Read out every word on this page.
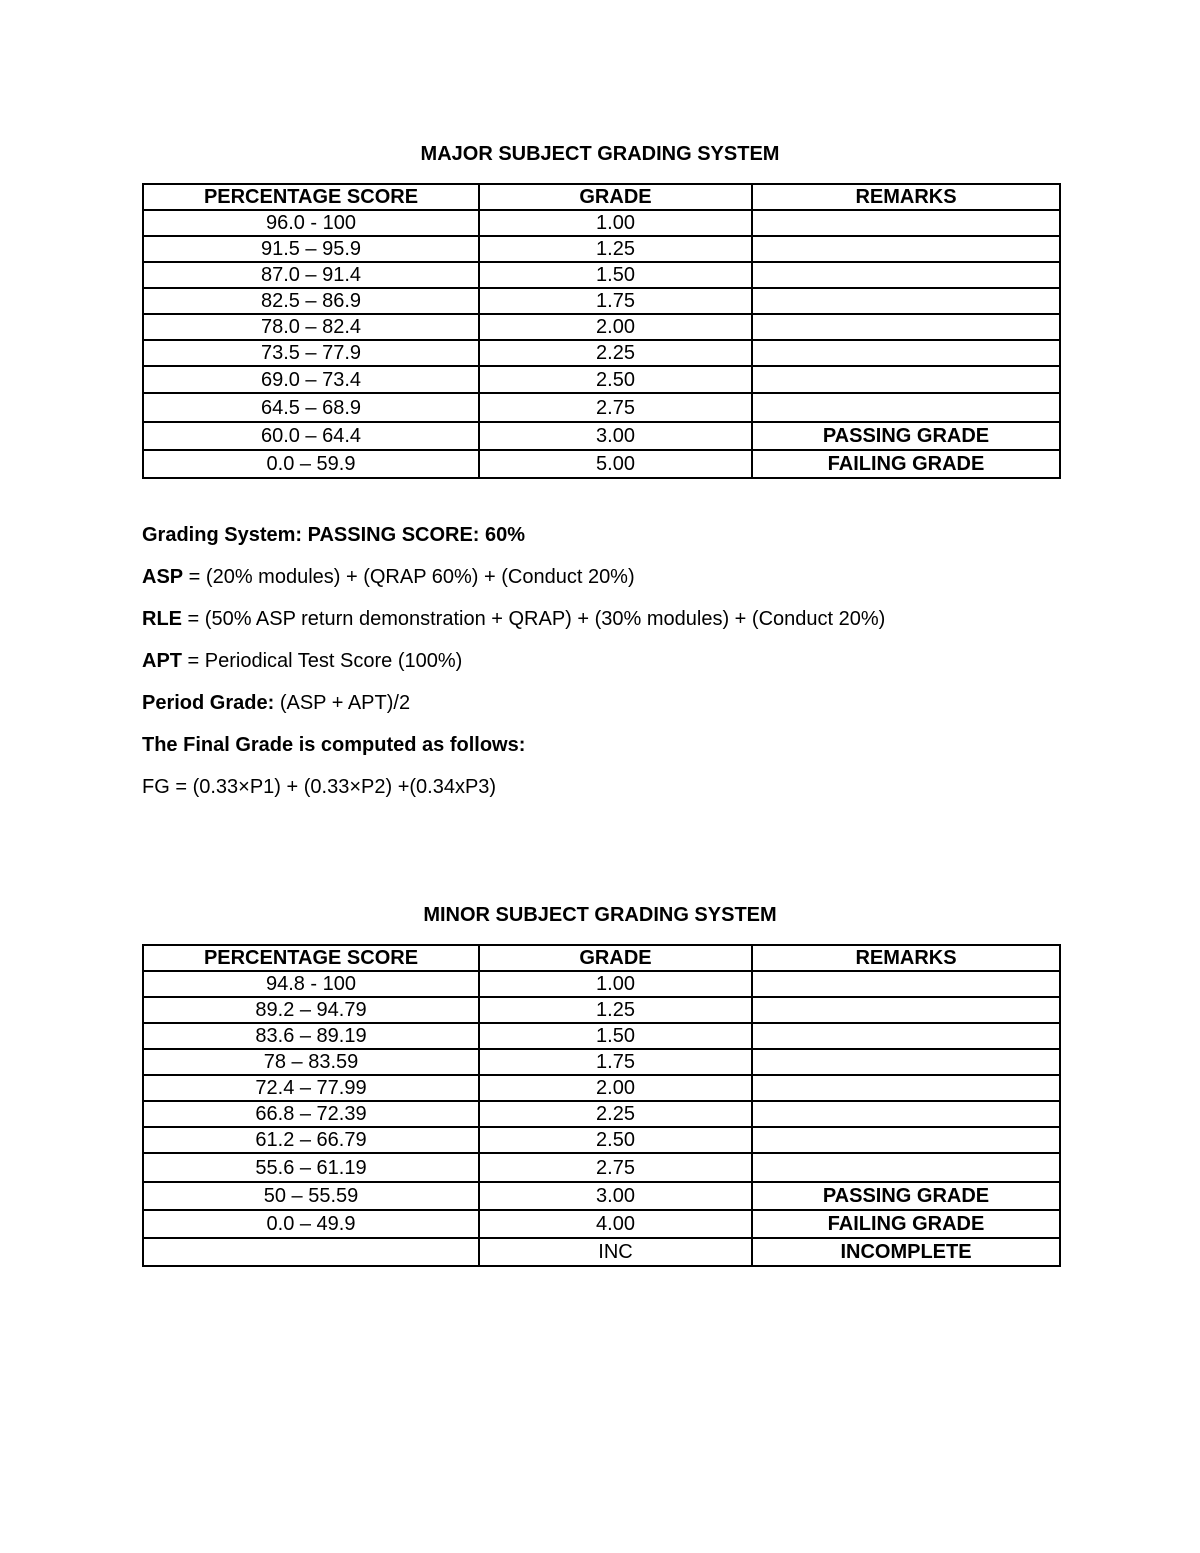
MAJOR SUBJECT GRADING SYSTEM
PERCENTAGE SCORE	GRADE	REMARKS
96.0 - 100	1.00	
91.5 – 95.9	1.25	
87.0 – 91.4	1.50	
82.5 – 86.9	1.75	
78.0 – 82.4	2.00	
73.5 – 77.9	2.25	
69.0 – 73.4	2.50	
64.5 – 68.9	2.75	
60.0 – 64.4	3.00	PASSING GRADE
0.0 – 59.9	5.00	FAILING GRADE

Grading System: PASSING SCORE: 60%

ASP = (20% modules) + (QRAP 60%) + (Conduct 20%)

RLE = (50% ASP return demonstration + QRAP) + (30% modules) + (Conduct 20%)

APT = Periodical Test Score (100%)

Period Grade: (ASP + APT)/2

The Final Grade is computed as follows:

FG = (0.33×P1) + (0.33×P2) +(0.34xP3)

MINOR SUBJECT GRADING SYSTEM
PERCENTAGE SCORE	GRADE	REMARKS
94.8 - 100	1.00	
89.2 – 94.79	1.25	
83.6 – 89.19	1.50	
78 – 83.59	1.75	
72.4 – 77.99	2.00	
66.8 – 72.39	2.25	
61.2 – 66.79	2.50	
55.6 – 61.19	2.75	
50 – 55.59	3.00	PASSING GRADE
0.0 – 49.9	4.00	FAILING GRADE
	INC	INCOMPLETE
